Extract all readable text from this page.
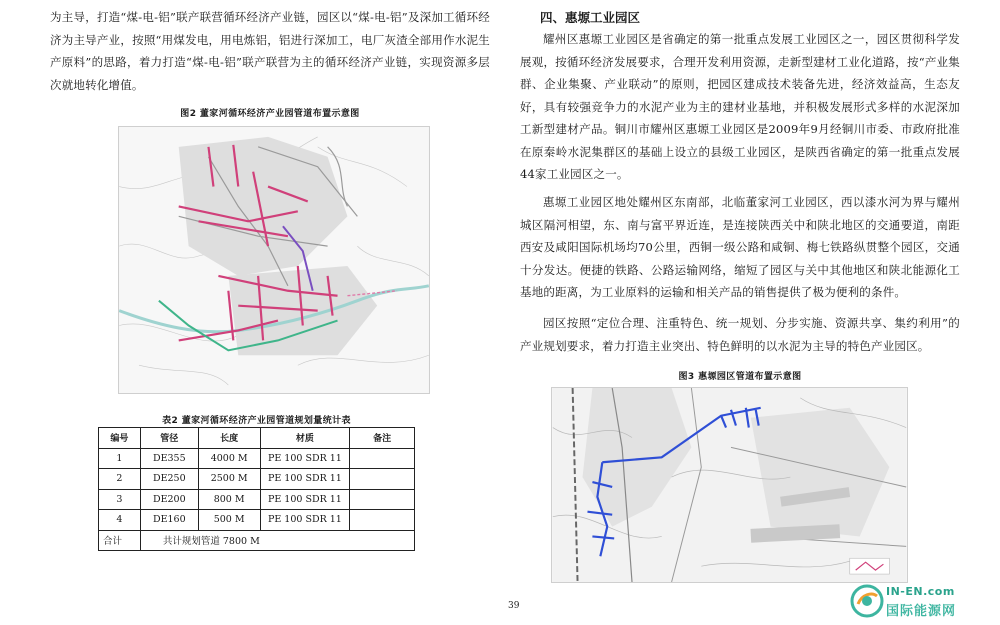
为主导，打造“煤-电-铝”联产联营循环经济产业链，园区以“煤-电-铝”及深加工循环经济为主导产业，按照“用煤发电，用电炼铝，铝进行深加工，电厂灰渣全部用作水泥生产原料”的思路，着力打造“煤-电-铝”联产联营为主的循环经济产业链，实现资源多层次就地转化增值。

图2 董家河循环经济产业园管道布置示意图
表2 董家河循环经济产业园管道规划量统计表
编号	管径	长度	材质	备注
1	DE355	4000 M	PE 100 SDR 11	
2	DE250	2500 M	PE 100 SDR 11	
3	DE200	800 M	PE 100 SDR 11	
4	DE160	500 M	PE 100 SDR 11	
合计	共计规划管道 7800 M			
四、惠塬工业园区

耀州区惠塬工业园区是省确定的第一批重点发展工业园区之一，园区贯彻科学发展观，按循环经济发展要求，合理开发利用资源，走新型建材工业化道路，按“产业集群、企业集聚、产业联动”的原则，把园区建成技术装备先进，经济效益高，生态友好，具有较强竞争力的水泥产业为主的建材业基地，并积极发展形式多样的水泥深加工新型建材产品。铜川市耀州区惠塬工业园区是2009年9月经铜川市委、市政府批准在原秦岭水泥集群区的基础上设立的县级工业园区，是陕西省确定的第一批重点发展44家工业园区之一。

惠塬工业园区地处耀州区东南部，北临董家河工业园区，西以漆水河为界与耀州城区隔河相望，东、南与富平界近连，是连接陕西关中和陕北地区的交通要道，南距西安及咸阳国际机场均70公里，西铜一级公路和咸铜、梅七铁路纵贯整个园区，交通十分发达。便捷的铁路、公路运输网络，缩短了园区与关中其他地区和陕北能源化工基地的距离，为工业原料的运输和相关产品的销售提供了极为便利的条件。

园区按照“定位合理、注重特色、统一规划、分步实施、资源共享、集约利用”的产业规划要求，着力打造主业突出、特色鲜明的以水泥为主导的特色产业园区。

图3 惠塬园区管道布置示意图
39
IN-EN.com
国际能源网
